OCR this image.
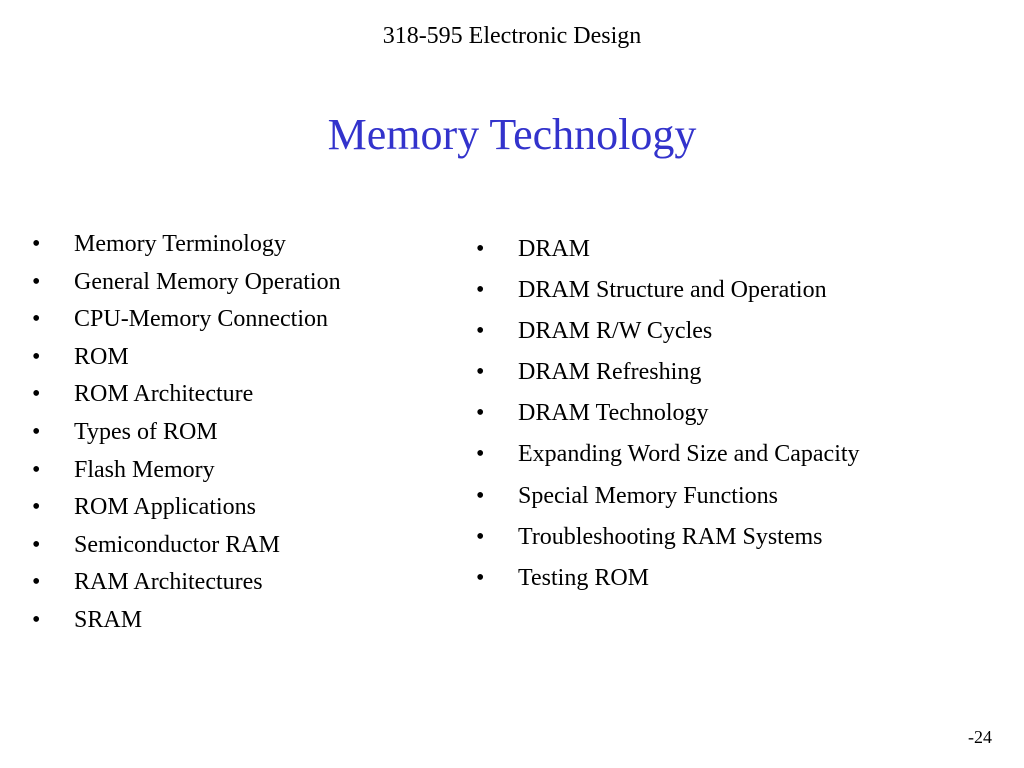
318-595 Electronic Design
Memory Technology
•	Memory Terminology
•	General Memory Operation
•	CPU-Memory Connection
•	ROM
•	ROM Architecture
•	Types of ROM
•	Flash Memory
•	ROM Applications
•	Semiconductor RAM
•	RAM Architectures
•	SRAM
•	DRAM
•	DRAM Structure and Operation
•	DRAM R/W Cycles
•	DRAM Refreshing
•	DRAM Technology
•	Expanding Word Size and Capacity
•	Special Memory Functions
•	Troubleshooting RAM Systems
•	Testing ROM
-24
